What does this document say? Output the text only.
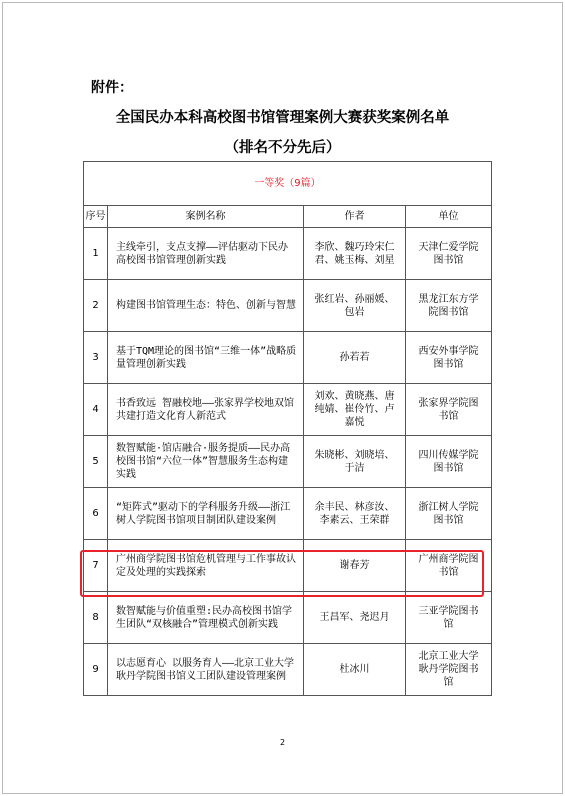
附件：
全国民办本科高校图书馆管理案例大赛获奖案例名单
（排名不分先后）
一等奖（9篇）			
序号	案例名称	作者	单位
1	主线牵引，支点支撑——评估驱动下民办高校图书馆管理创新实践	李欣、魏巧玲宋仁君、姚玉梅、刘星	天津仁爱学院图书馆
2	构建图书馆管理生态：特色、创新与智慧	张红岩、孙丽媛、包岩	黑龙江东方学院图书馆
3	基于TQM理论的图书馆“三维一体”战略质量管理创新实践	孙若若	西安外事学院图书馆
4	书香致远 智融校地——张家界学校地双馆共建打造文化育人新范式	刘欢、黄晓燕、唐纯婧、崔伶竹、卢嘉悦	张家界学院图书馆
5	数智赋能·馆店融合·服务提质——民办高校图书馆“六位一体”智慧服务生态构建实践	朱晓彬、刘晓培、于洁	四川传媒学院图书馆
6	“矩阵式”驱动下的学科服务升级——浙江树人学院图书馆项目制团队建设案例	余丰民、林彦汝、李素云、王荣群	浙江树人学院图书馆
7	广州商学院图书馆危机管理与工作事故认定及处理的实践探索	谢春芳	广州商学院图书馆
8	数智赋能与价值重塑:民办高校图书馆学生团队“双核融合”管理模式创新实践	王昌军、尧迟月	三亚学院图书馆
9	以志愿育心 以服务育人——北京工业大学耿丹学院图书馆义工团队建设管理案例	杜冰川	北京工业大学耿丹学院图书馆
2
